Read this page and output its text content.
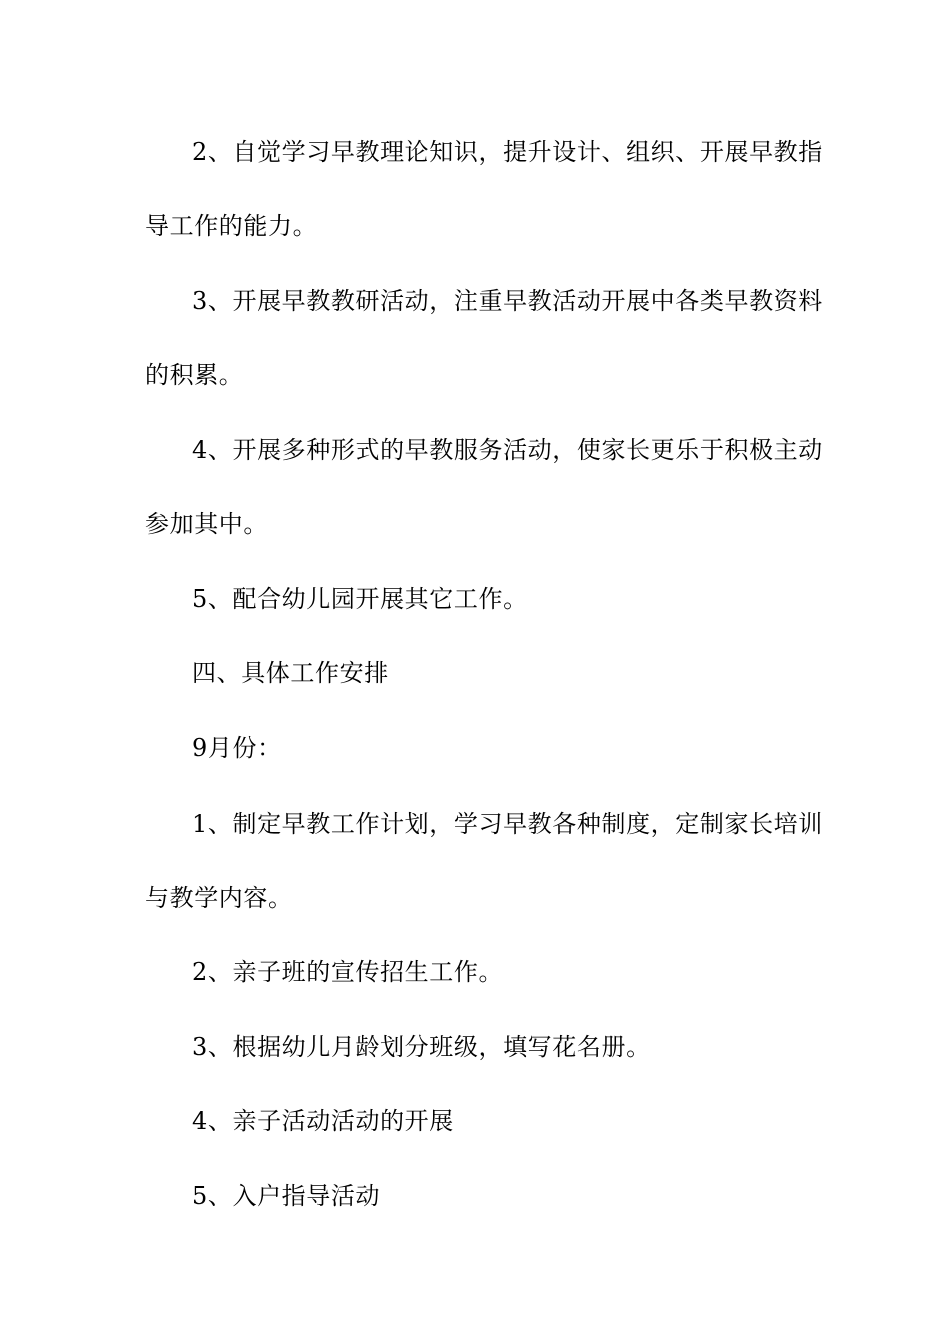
2、自觉学习早教理论知识，提升设计、组织、开展早教指
导工作的能力。
3、开展早教教研活动，注重早教活动开展中各类早教资料
的积累。
4、开展多种形式的早教服务活动，使家长更乐于积极主动
参加其中。
5、配合幼儿园开展其它工作。
四、具体工作安排
9月份：
1、制定早教工作计划，学习早教各种制度，定制家长培训
与教学内容。
2、亲子班的宣传招生工作。
3、根据幼儿月龄划分班级，填写花名册。
4、亲子活动活动的开展
5、入户指导活动
